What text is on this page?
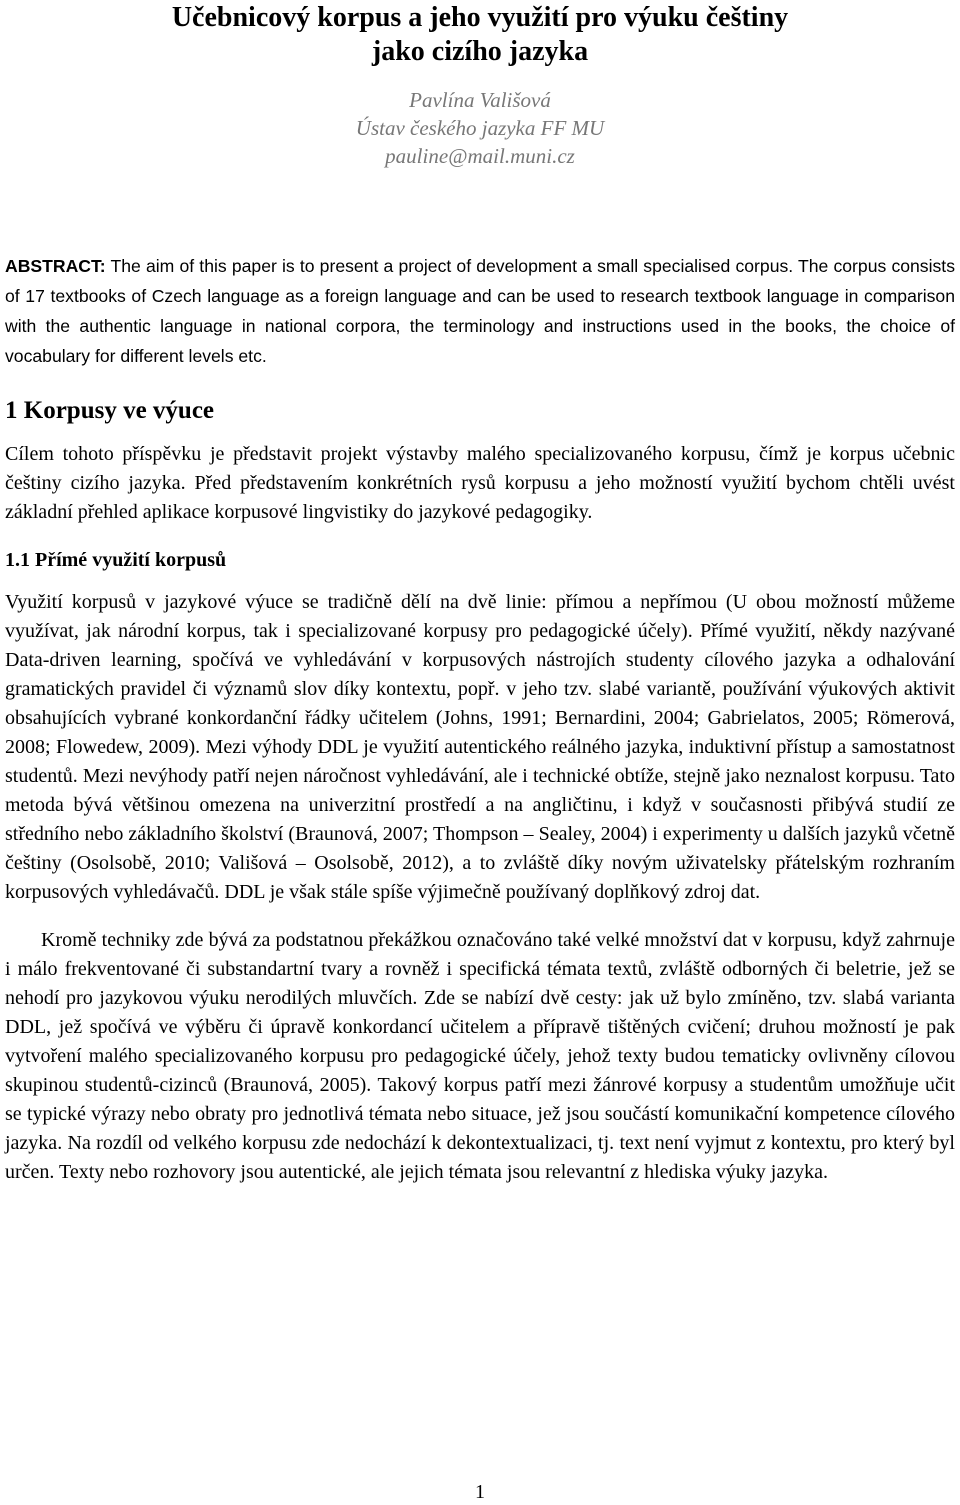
Učebnicový korpus a jeho využití pro výuku češtiny
jako cizího jazyka
Pavlína Vališová
Ústav českého jazyka FF MU
pauline@mail.muni.cz
ABSTRACT: The aim of this paper is to present a project of development a small specialised corpus. The corpus consists of 17 textbooks of Czech language as a foreign language and can be used to research textbook language in comparison with the authentic language in national corpora, the terminology and instructions used in the books, the choice of vocabulary for different levels etc.
1 Korpusy ve výuce
Cílem tohoto příspěvku je představit projekt výstavby malého specializovaného korpusu, čímž je korpus učebnic češtiny cizího jazyka. Před představením konkrétních rysů korpusu a jeho možností využití bychom chtěli uvést základní přehled aplikace korpusové lingvistiky do jazykové pedagogiky.
1.1 Přímé využití korpusů
Využití korpusů v jazykové výuce se tradičně dělí na dvě linie: přímou a nepřímou (U obou možností můžeme využívat, jak národní korpus, tak i specializované korpusy pro pedagogické účely). Přímé využití, někdy nazývané Data-driven learning, spočívá ve vyhledávání v korpusových nástrojích studenty cílového jazyka a odhalování gramatických pravidel či významů slov díky kontextu, popř. v jeho tzv. slabé variantě, používání výukových aktivit obsahujících vybrané konkordanční řádky učitelem (Johns, 1991; Bernardini, 2004; Gabrielatos, 2005; Römerová, 2008; Flowedew, 2009). Mezi výhody DDL je využití autentického reálného jazyka, induktivní přístup a samostatnost studentů. Mezi nevýhody patří nejen náročnost vyhledávání, ale i technické obtíže, stejně jako neznalost korpusu. Tato metoda bývá většinou omezena na univerzitní prostředí a na angličtinu, i když v současnosti přibývá studií ze středního nebo základního školství (Braunová, 2007; Thompson – Sealey, 2004) i experimenty u dalších jazyků včetně češtiny (Osolsobě, 2010; Vališová – Osolsobě, 2012), a to zvláště díky novým uživatelsky přátelským rozhraním korpusových vyhledávačů. DDL je však stále spíše výjimečně používaný doplňkový zdroj dat.
Kromě techniky zde bývá za podstatnou překážkou označováno také velké množství dat v korpusu, když zahrnuje i málo frekventované či substandartní tvary a rovněž i specifická témata textů, zvláště odborných či beletrie, jež se nehodí pro jazykovou výuku nerodilých mluvčích. Zde se nabízí dvě cesty: jak už bylo zmíněno, tzv. slabá varianta DDL, jež spočívá ve výběru či úpravě konkordancí učitelem a přípravě tištěných cvičení; druhou možností je pak vytvoření malého specializovaného korpusu pro pedagogické účely, jehož texty budou tematicky ovlivněny cílovou skupinou studentů-cizinců (Braunová, 2005). Takový korpus patří mezi žánrové korpusy a studentům umožňuje učit se typické výrazy nebo obraty pro jednotlivá témata nebo situace, jež jsou součástí komunikační kompetence cílového jazyka. Na rozdíl od velkého korpusu zde nedochází k dekontextualizaci, tj. text není vyjmut z kontextu, pro který byl určen. Texty nebo rozhovory jsou autentické, ale jejich témata jsou relevantní z hlediska výuky jazyka.
1
